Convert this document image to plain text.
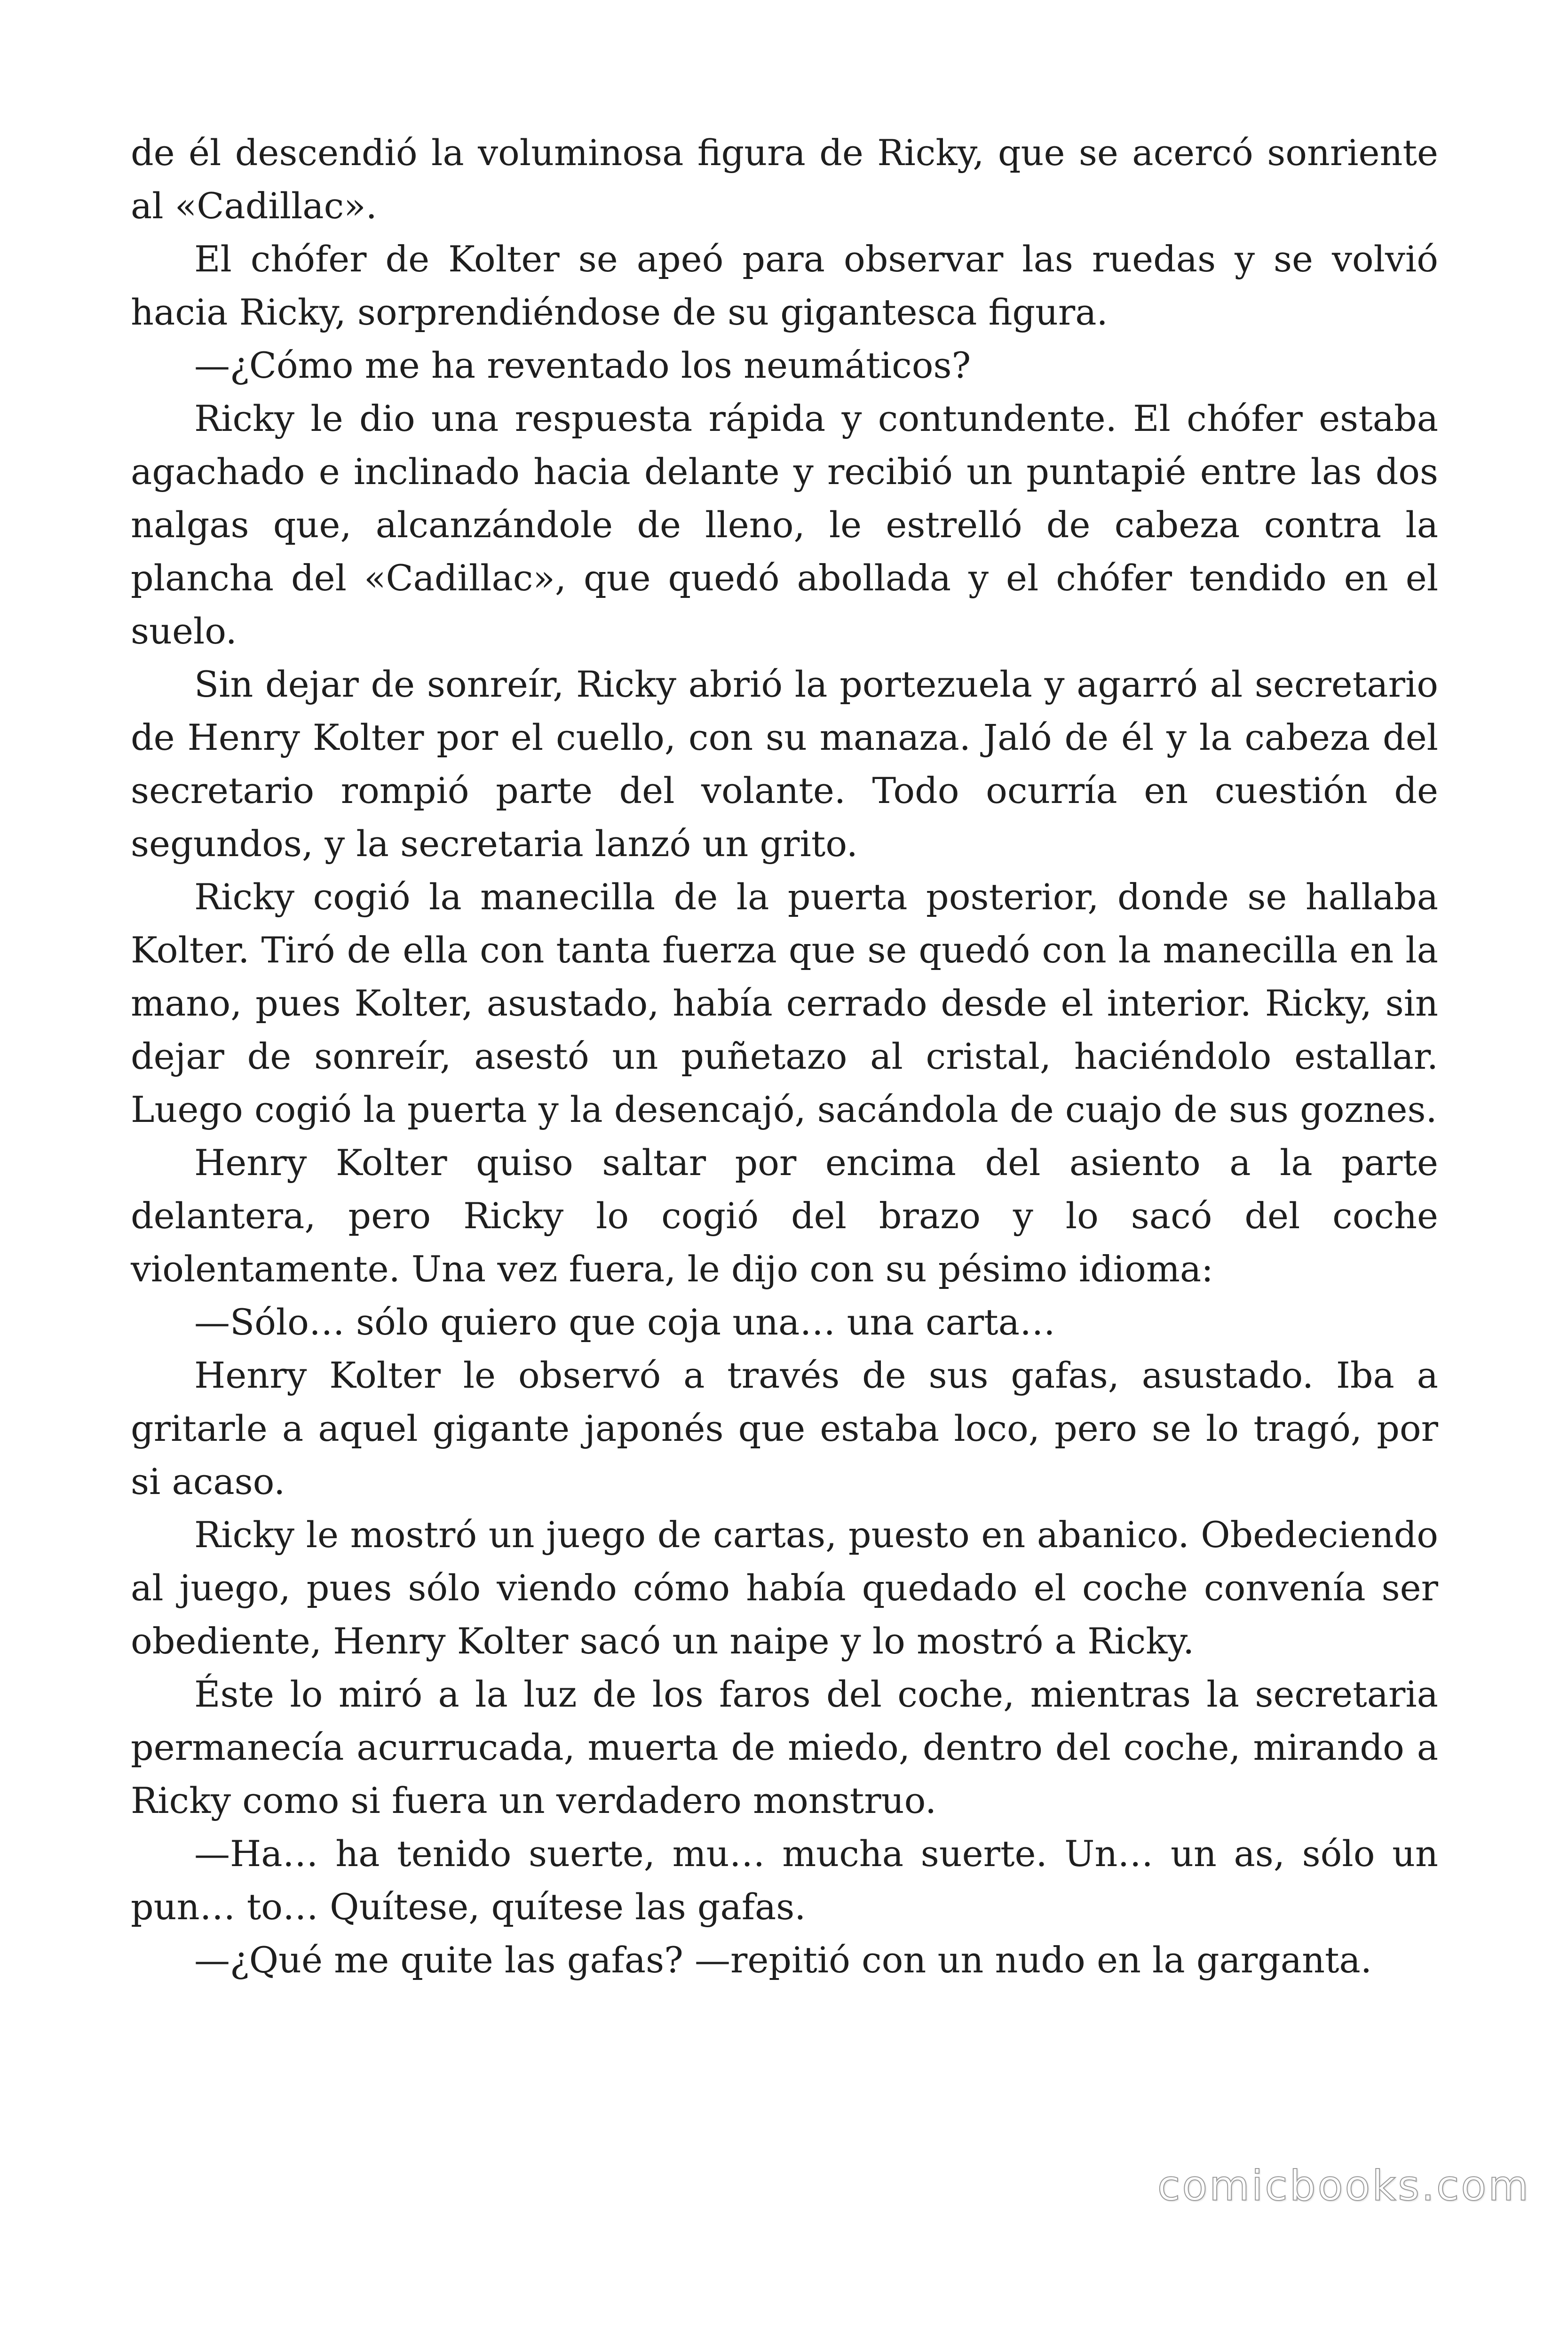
de él descendió la voluminosa figura de Ricky, que se acercó sonriente al «Cadillac».

El chófer de Kolter se apeó para observar las ruedas y se volvió hacia Ricky, sorprendiéndose de su gigantesca figura.

—¿Cómo me ha reventado los neumáticos?

Ricky le dio una respuesta rápida y contundente. El chófer estaba agachado e inclinado hacia delante y recibió un puntapié entre las dos nalgas que, alcanzándole de lleno, le estrelló de cabeza contra la plancha del «Cadillac», que quedó abollada y el chófer tendido en el suelo.

Sin dejar de sonreír, Ricky abrió la portezuela y agarró al secretario de Henry Kolter por el cuello, con su manaza. Jaló de él y la cabeza del secretario rompió parte del volante. Todo ocurría en cuestión de segundos, y la secretaria lanzó un grito.

Ricky cogió la manecilla de la puerta posterior, donde se hallaba Kolter. Tiró de ella con tanta fuerza que se quedó con la manecilla en la mano, pues Kolter, asustado, había cerrado desde el interior. Ricky, sin dejar de sonreír, asestó un puñetazo al cristal, haciéndolo estallar. Luego cogió la puerta y la desencajó, sacándola de cuajo de sus goznes.

Henry Kolter quiso saltar por encima del asiento a la parte delantera, pero Ricky lo cogió del brazo y lo sacó del coche violentamente. Una vez fuera, le dijo con su pésimo idioma:

—Sólo… sólo quiero que coja una… una carta…

Henry Kolter le observó a través de sus gafas, asustado. Iba a gritarle a aquel gigante japonés que estaba loco, pero se lo tragó, por si acaso.

Ricky le mostró un juego de cartas, puesto en abanico. Obedeciendo al juego, pues sólo viendo cómo había quedado el coche convenía ser obediente, Henry Kolter sacó un naipe y lo mostró a Ricky.

Éste lo miró a la luz de los faros del coche, mientras la secretaria permanecía acurrucada, muerta de miedo, dentro del coche, mirando a Ricky como si fuera un verdadero monstruo.

—Ha… ha tenido suerte, mu… mucha suerte. Un… un as, sólo un pun… to… Quítese, quítese las gafas.

—¿Qué me quite las gafas? —repitió con un nudo en la garganta.

comicbooks.com
